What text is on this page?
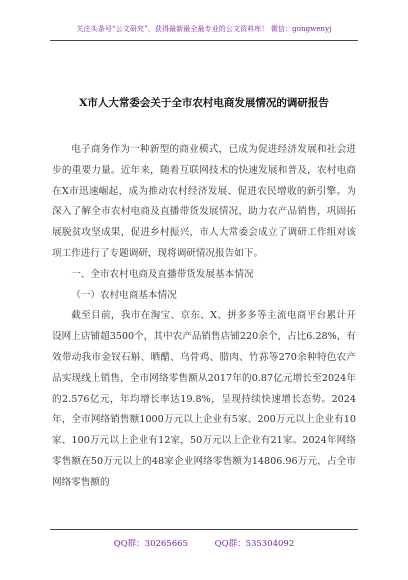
关注头条号“公文研究”，获得最新最全最专业的公文资料库！ 微信：gongwenyj
X市人大常委会关于全市农村电商发展情况的调研报告

电子商务作为一种新型的商业模式，已成为促进经济发展和社会进步的重要力量。近年来，随着互联网技术的快速发展和普及，农村电商在X市迅速崛起，成为推动农村经济发展、促进农民增收的新引擎。为深入了解全市农村电商及直播带货发展情况，助力农产品销售，巩固拓展脱贫攻坚成果，促进乡村振兴，市人大常委会成立了调研工作组对该项工作进行了专题调研，现将调研情况报告如下。

一、全市农村电商及直播带货发展基本情况

（一）农村电商基本情况

截至目前，我市在淘宝、京东、X、拼多多等主流电商平台累计开设网上店铺超3500个，其中农产品销售店铺220余个，占比6.28%，有效带动我市金钗石斛、晒醋、乌骨鸡、腊肉、竹荪等270余种特色农产品实现线上销售，全市网络零售额从2017年的0.87亿元增长至2024年的2.576亿元，年均增长率达19.8%，呈现持续快速增长态势。2024年，全市网络销售额1000万元以上企业有5家、200万元以上企业有10家、100万元以上企业有12家，50万元以上企业有21家。2024年网络零售额在50万元以上的48家企业网络零售额为14806.96万元，占全市网络零售额的

QQ群：30265665	QQ群：535304092
